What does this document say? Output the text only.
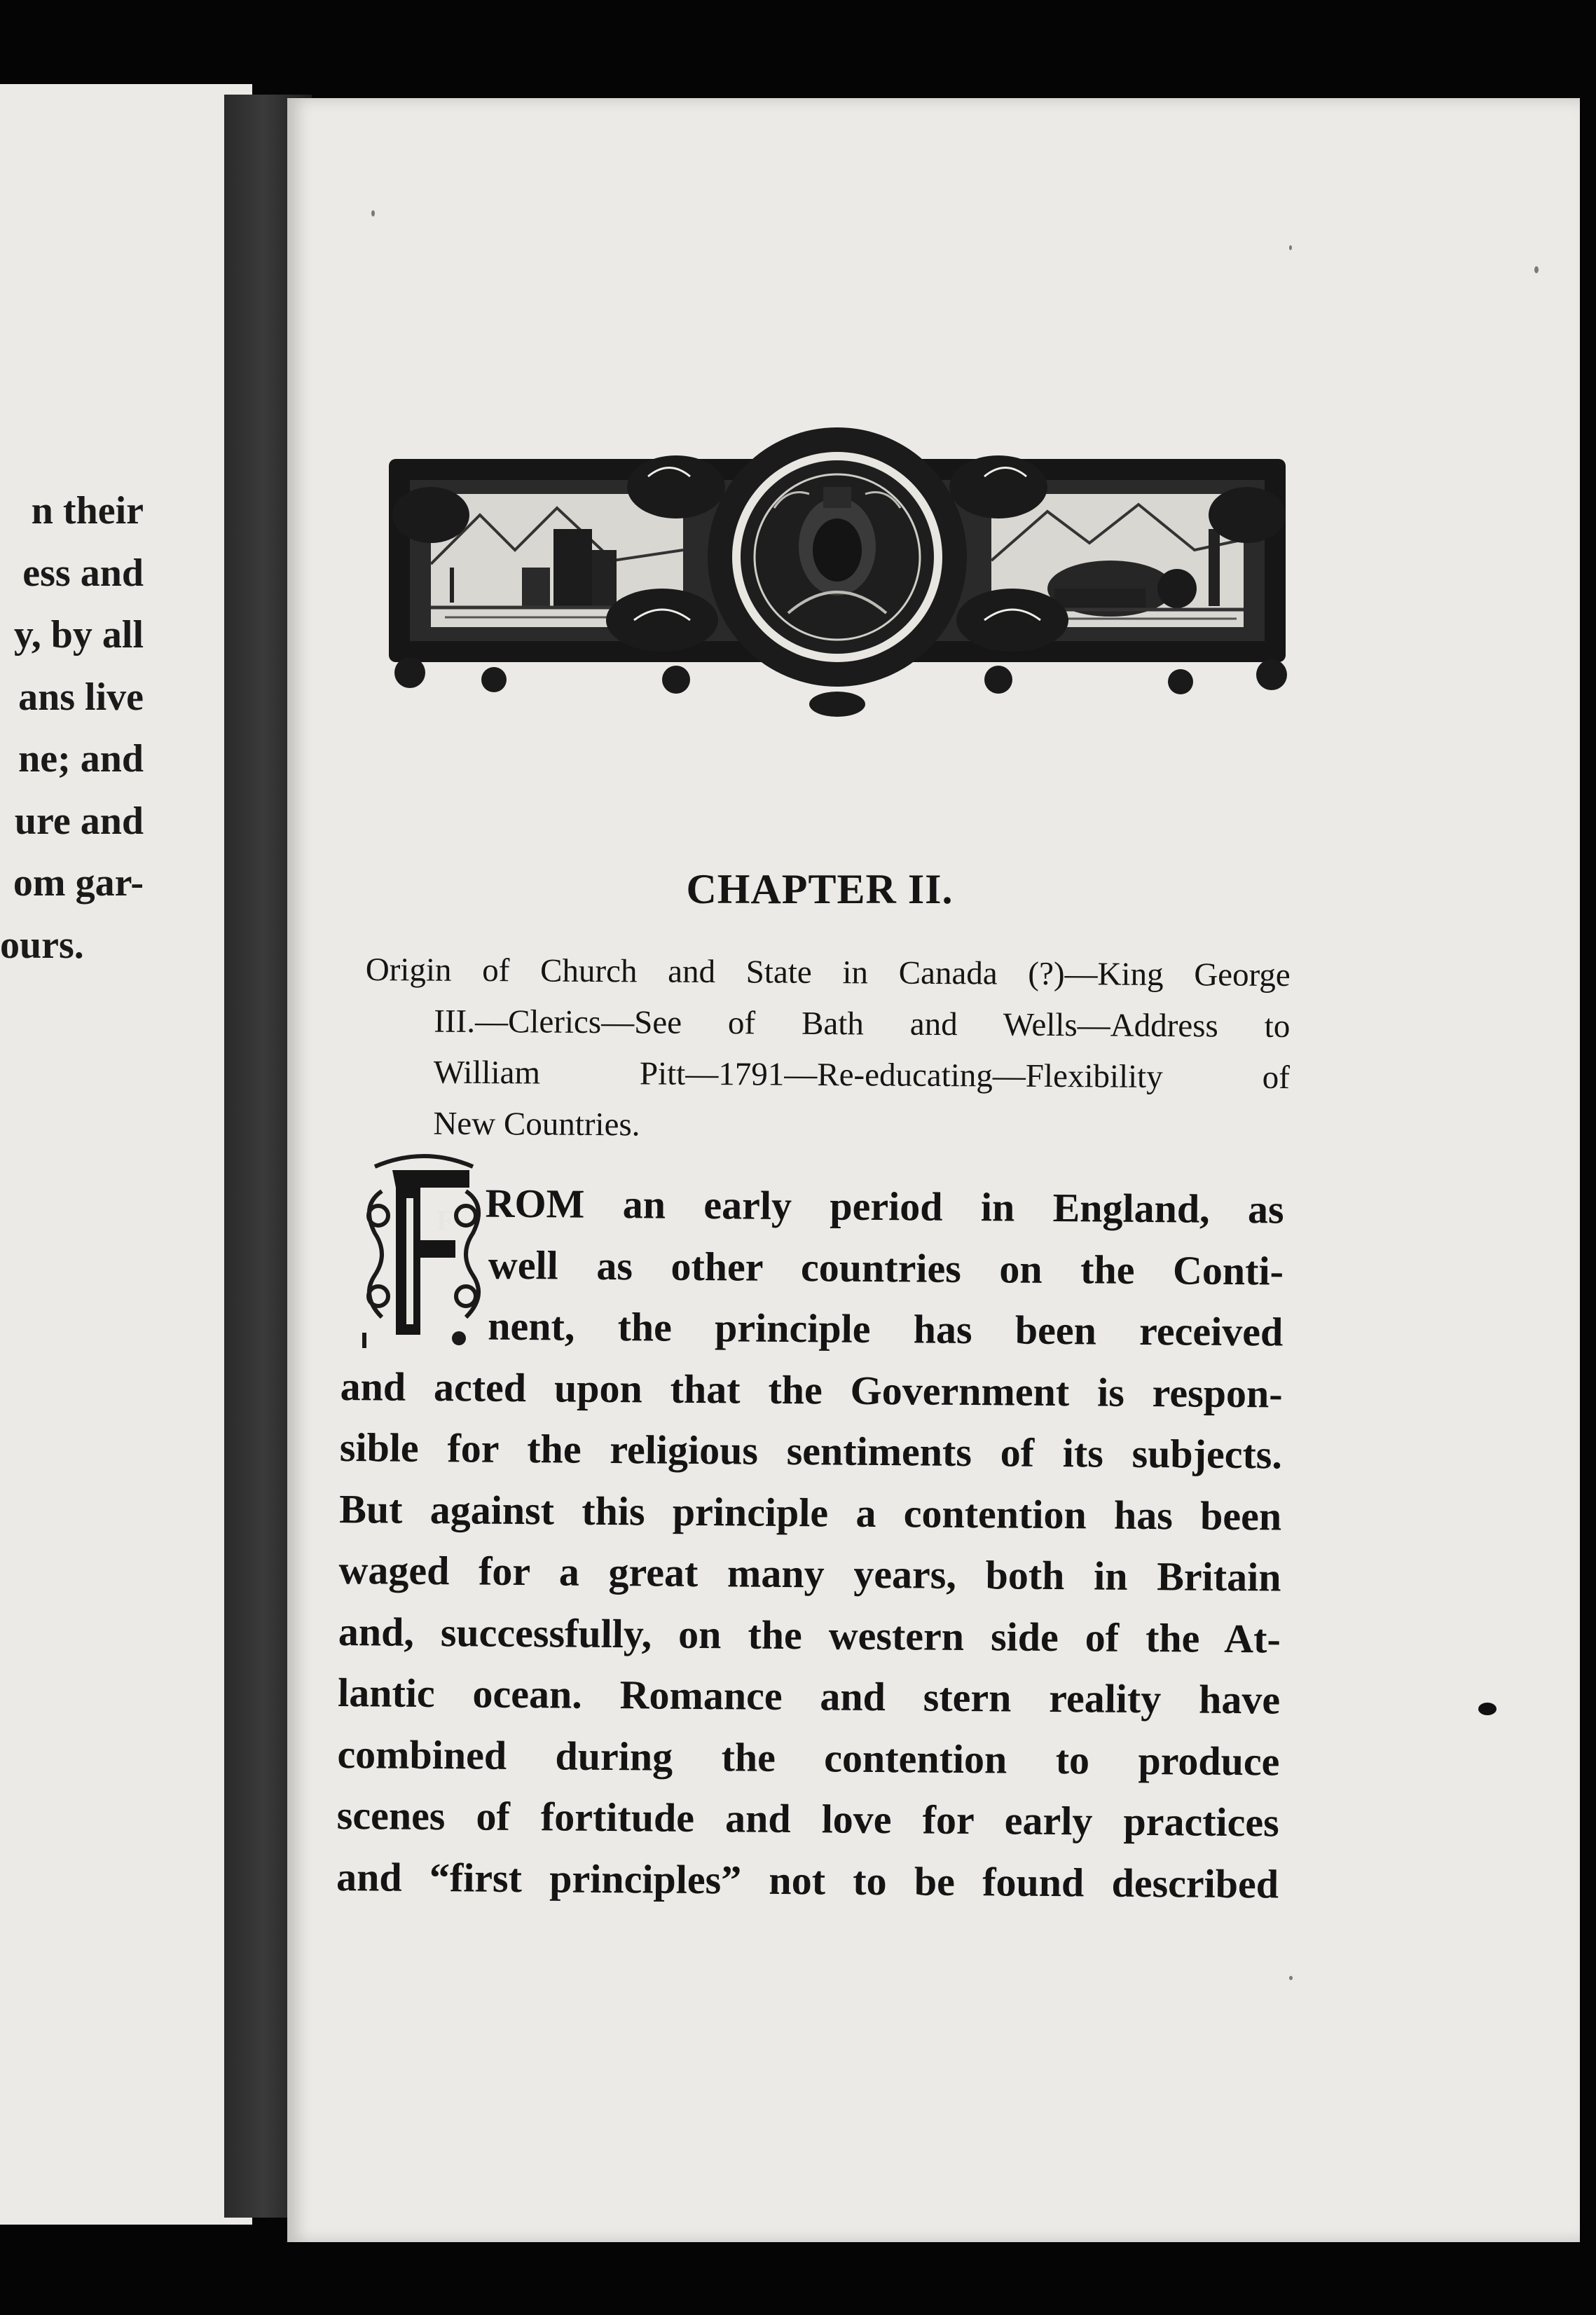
n their
ess and
y, by all
ans live
ne; and
ure and
om gar-
ours.
CHAPTER II.
Origin of Church and State in Canada (?)—King George
III.—Clerics—See of Bath and Wells—Address to
William Pitt—1791—Re-educating—Flexibility of
New Countries.
F ROM an early period in England, as
well as other countries on the Conti-
nent, the principle has been received
and acted upon that the Government is respon-
sible for the religious sentiments of its subjects.
But against this principle a contention has been
waged for a great many years, both in Britain
and, successfully, on the western side of the At-
lantic ocean. Romance and stern reality have
combined during the contention to produce
scenes of fortitude and love for early practices
and “first principles” not to be found described
